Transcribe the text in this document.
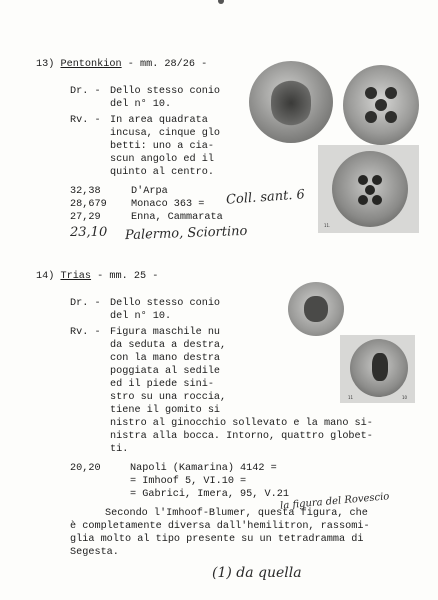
13) Pentonkion - mm. 28/26 -
Dr. - Dello stesso conio
del n° 10.
Rv. - In area quadrata
incusa, cinque glo
betti: uno a cia-
scun angolo ed il
quinto al centro.
32,38	D'Arpa
28,679 Monaco 363 =
27,29	Enna, Cammarata
Coll. sant. 6
23,10 Palermo, Sciortino	11.
14) Trias - mm. 25 -
Dr. - Dello stesso conio
del n° 10.
Rv. - Figura maschile nu
da seduta a destra,
con la mano destra
poggiata al sedile
ed il piede sini-
stro su una roccia,
tiene il gomito si
nistro al ginocchio sollevato e la mano si-
nistra alla bocca. Intorno, quattro globet-
ti.
20,20	Napoli (Kamarina) 4142 =
= Imhoof 5, VI.10 =
= Gabrici, Imera, 95, V.21
la figura del Rovescio
Secondo l'Imhoof-Blumer, questa figura, che
è completamente diversa dall'hemilitron, rassomi-
glia molto al tipo presente su un tetradramma di
Segesta.
(1) da quella
11	10
